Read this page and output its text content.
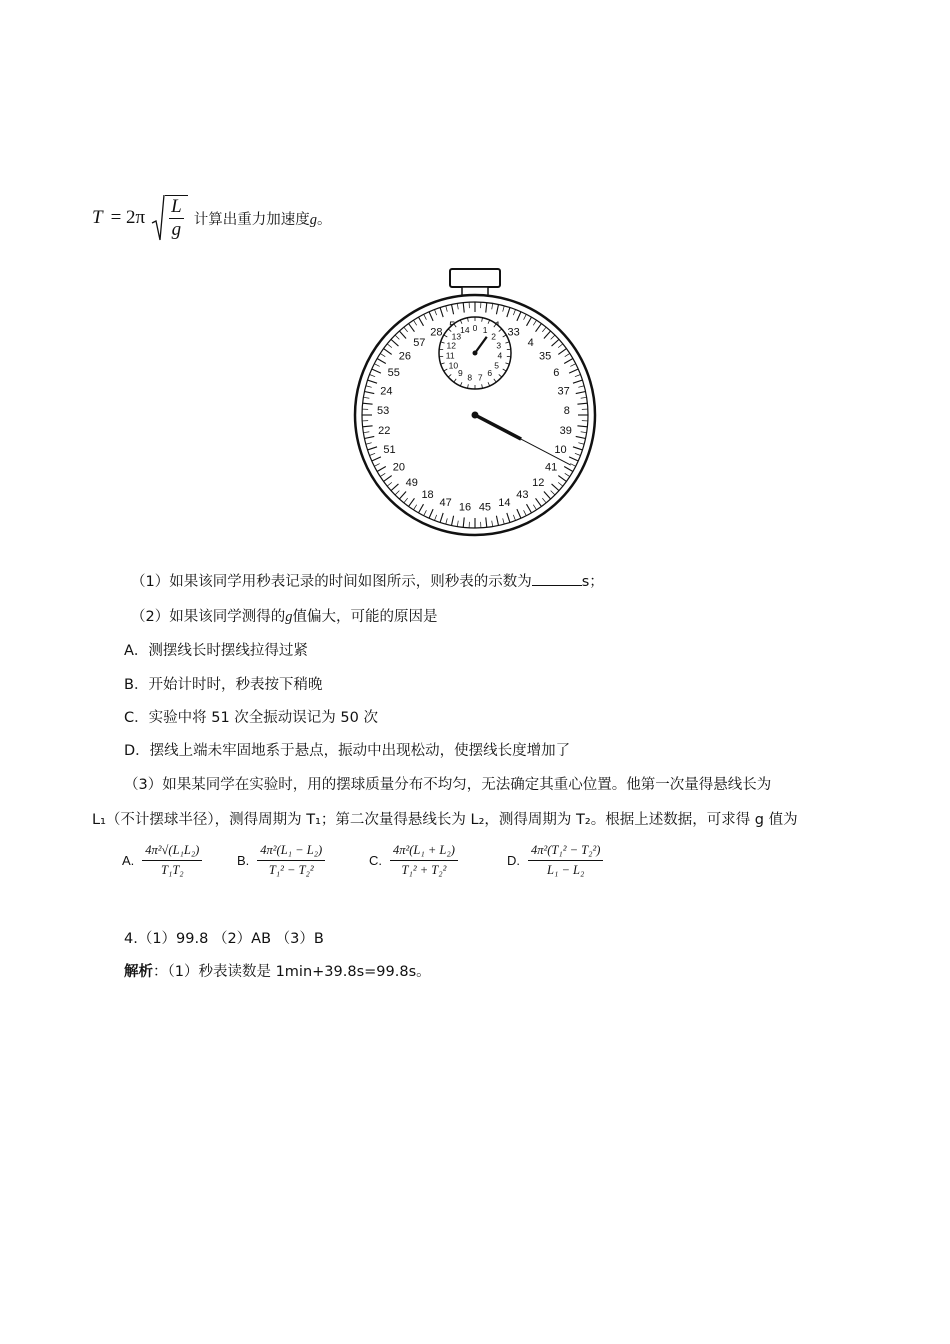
$T = 2\pi \frac{L}{g}$ 计算出重力加速度g。
33
4
35
6
37
8
39
10
41
12
43
14
45
16
47
18
49
20
51
22
53
24
55
26
57
28	0 1
2
3
4
5
6
7
8
9
10
11
12
13
14
（1）如果该同学用秒表记录的时间如图所示，则秒表的示数为	s；
（2）如果该同学测得的g值偏大，可能的原因是
A．测摆线长时摆线拉得过紧
B．开始计时时，秒表按下稍晚
C．实验中将 51 次全振动误记为 50 次
D．摆线上端未牢固地系于悬点，振动中出现松动，使摆线长度增加了
（3）如果某同学在实验时，用的摆球质量分布不均匀，无法确定其重心位置。他第一次量得悬线长为
L₁（不计摆球半径），测得周期为 T₁；第二次量得悬线长为 L₂，测得周期为 T₂。根据上述数据，可求得 g 值为
A.
4π²√(L₁L₂)
T₁T₂
B.
4π²(L₁ − L₂)
T₁² − T₂²
C.
4π²(L₁ + L₂)
T₁² + T₂²
D.
4π²(T₁² − T₂²)
L₁ − L₂
4.（1）99.8 （2）AB （3）B
解析：（1）秒表读数是 1min+39.8s=99.8s。
